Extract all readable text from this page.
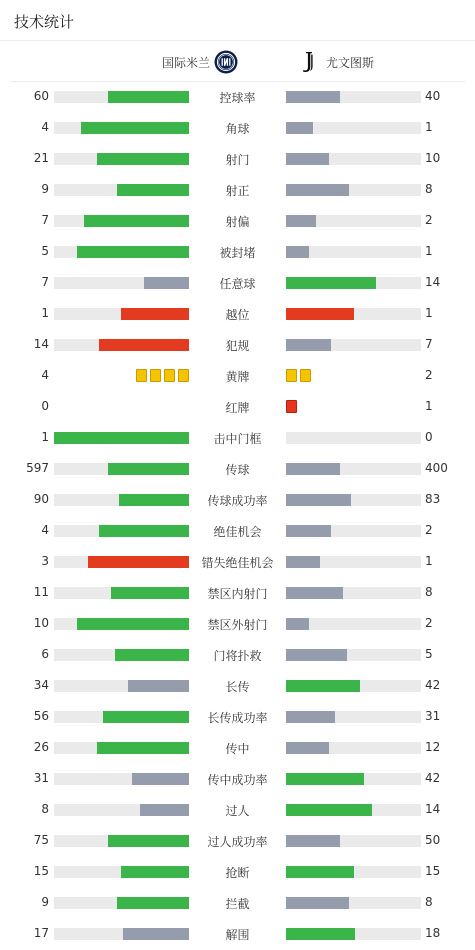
技术统计
国际米兰	尤文图斯
60	控球率	40
4	角球	1
21	射门	10
9	射正	8
7	射偏	2
5	被封堵	1
7	任意球	14
1	越位	1
14	犯规	7
4	黄牌	2
0	红牌	1
1	击中门框	0
597	传球	400
90	传球成功率	83
4	绝佳机会	2
3	错失绝佳机会	1
11	禁区内射门	8
10	禁区外射门	2
6	门将扑救	5
34	长传	42
56	长传成功率	31
26	传中	12
31	传中成功率	42
8	过人	14
75	过人成功率	50
15	抢断	15
9	拦截	8
17	解围	18
